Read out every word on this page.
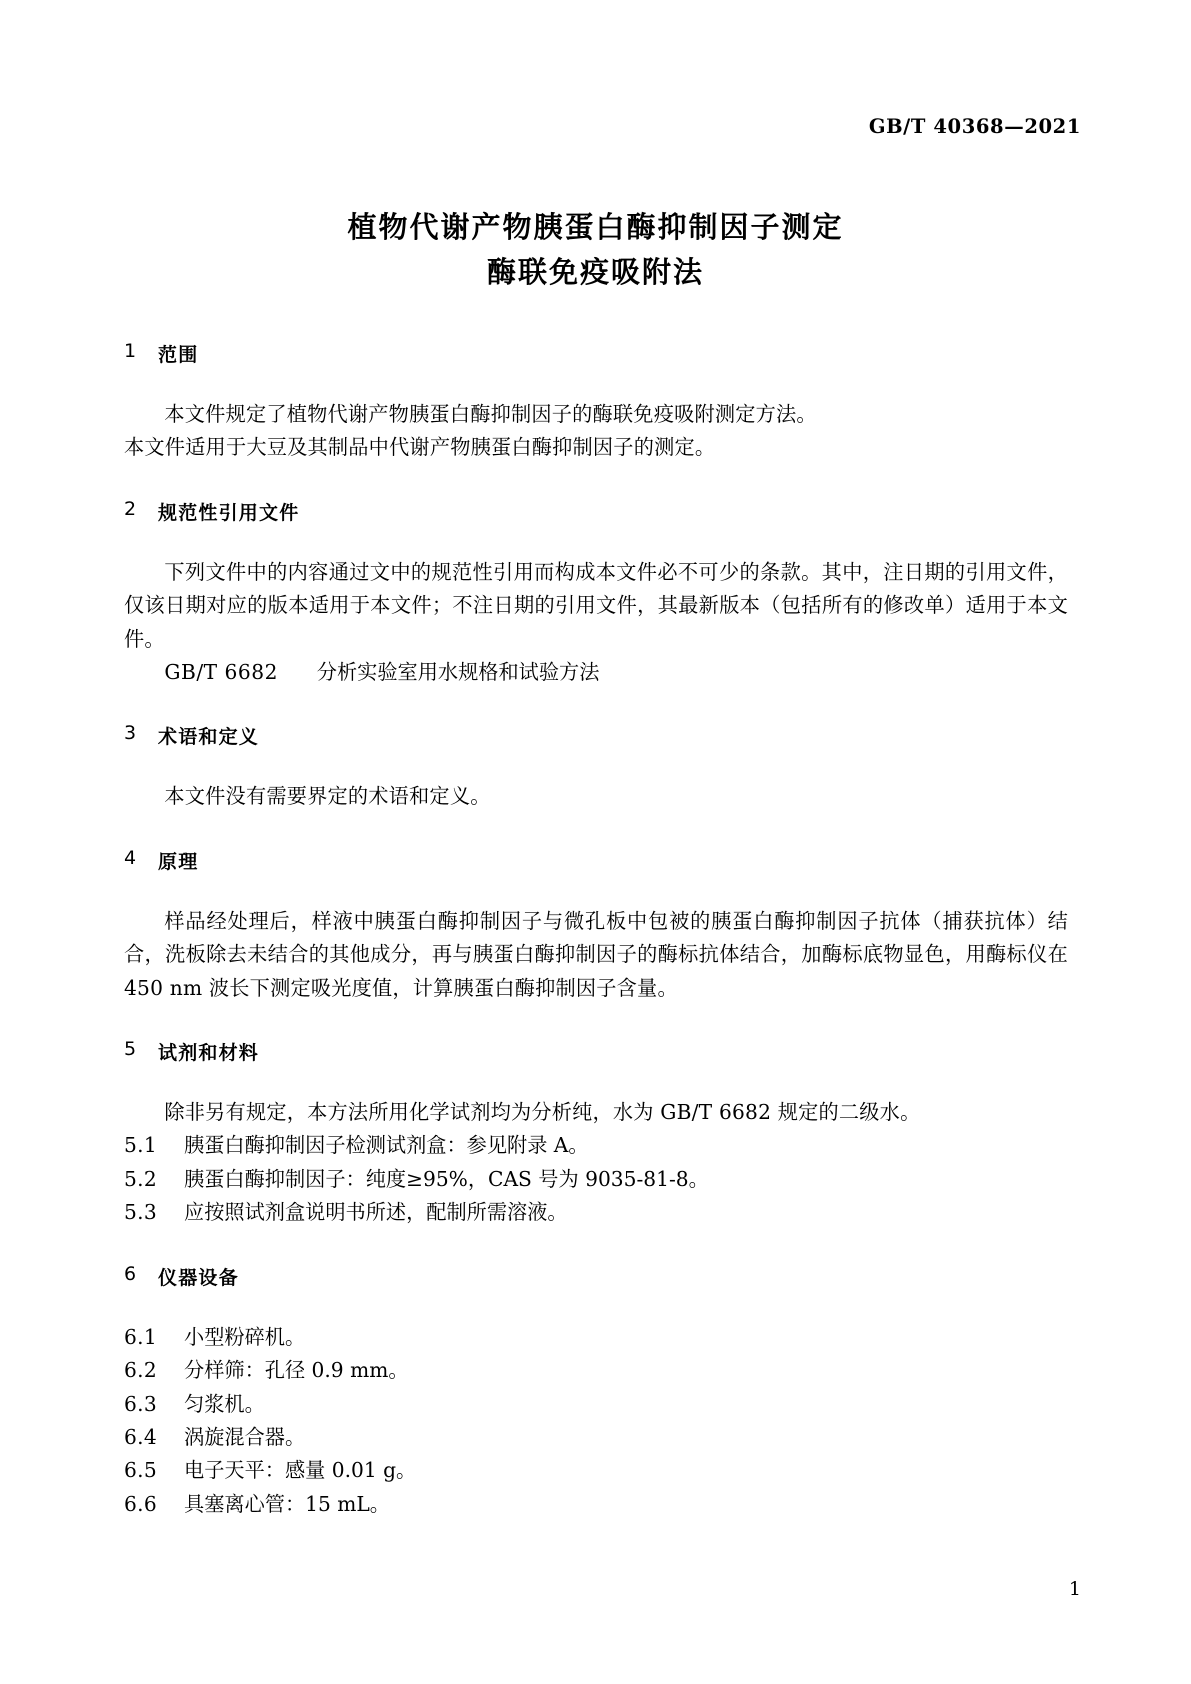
GB/T 40368—2021
植物代谢产物胰蛋白酶抑制因子测定
酶联免疫吸附法
1	范围

本文件规定了植物代谢产物胰蛋白酶抑制因子的酶联免疫吸附测定方法。

本文件适用于大豆及其制品中代谢产物胰蛋白酶抑制因子的测定。

2	规范性引用文件

下列文件中的内容通过文中的规范性引用而构成本文件必不可少的条款。其中，注日期的引用文件，仅该日期对应的版本适用于本文件；不注日期的引用文件，其最新版本（包括所有的修改单）适用于本文件。

GB/T 6682 分析实验室用水规格和试验方法

3	术语和定义

本文件没有需要界定的术语和定义。

4	原理

样品经处理后，样液中胰蛋白酶抑制因子与微孔板中包被的胰蛋白酶抑制因子抗体（捕获抗体）结合，洗板除去未结合的其他成分，再与胰蛋白酶抑制因子的酶标抗体结合，加酶标底物显色，用酶标仪在450 nm 波长下测定吸光度值，计算胰蛋白酶抑制因子含量。

5	试剂和材料

除非另有规定，本方法所用化学试剂均为分析纯，水为 GB/T 6682 规定的二级水。

5.1	胰蛋白酶抑制因子检测试剂盒：参见附录 A。
5.2	胰蛋白酶抑制因子：纯度≥95%，CAS 号为 9035-81-8。
5.3	应按照试剂盒说明书所述，配制所需溶液。
6	仪器设备
6.1	小型粉碎机。
6.2	分样筛：孔径 0.9 mm。
6.3	匀浆机。
6.4	涡旋混合器。
6.5	电子天平：感量 0.01 g。
6.6	具塞离心管：15 mL。
1
